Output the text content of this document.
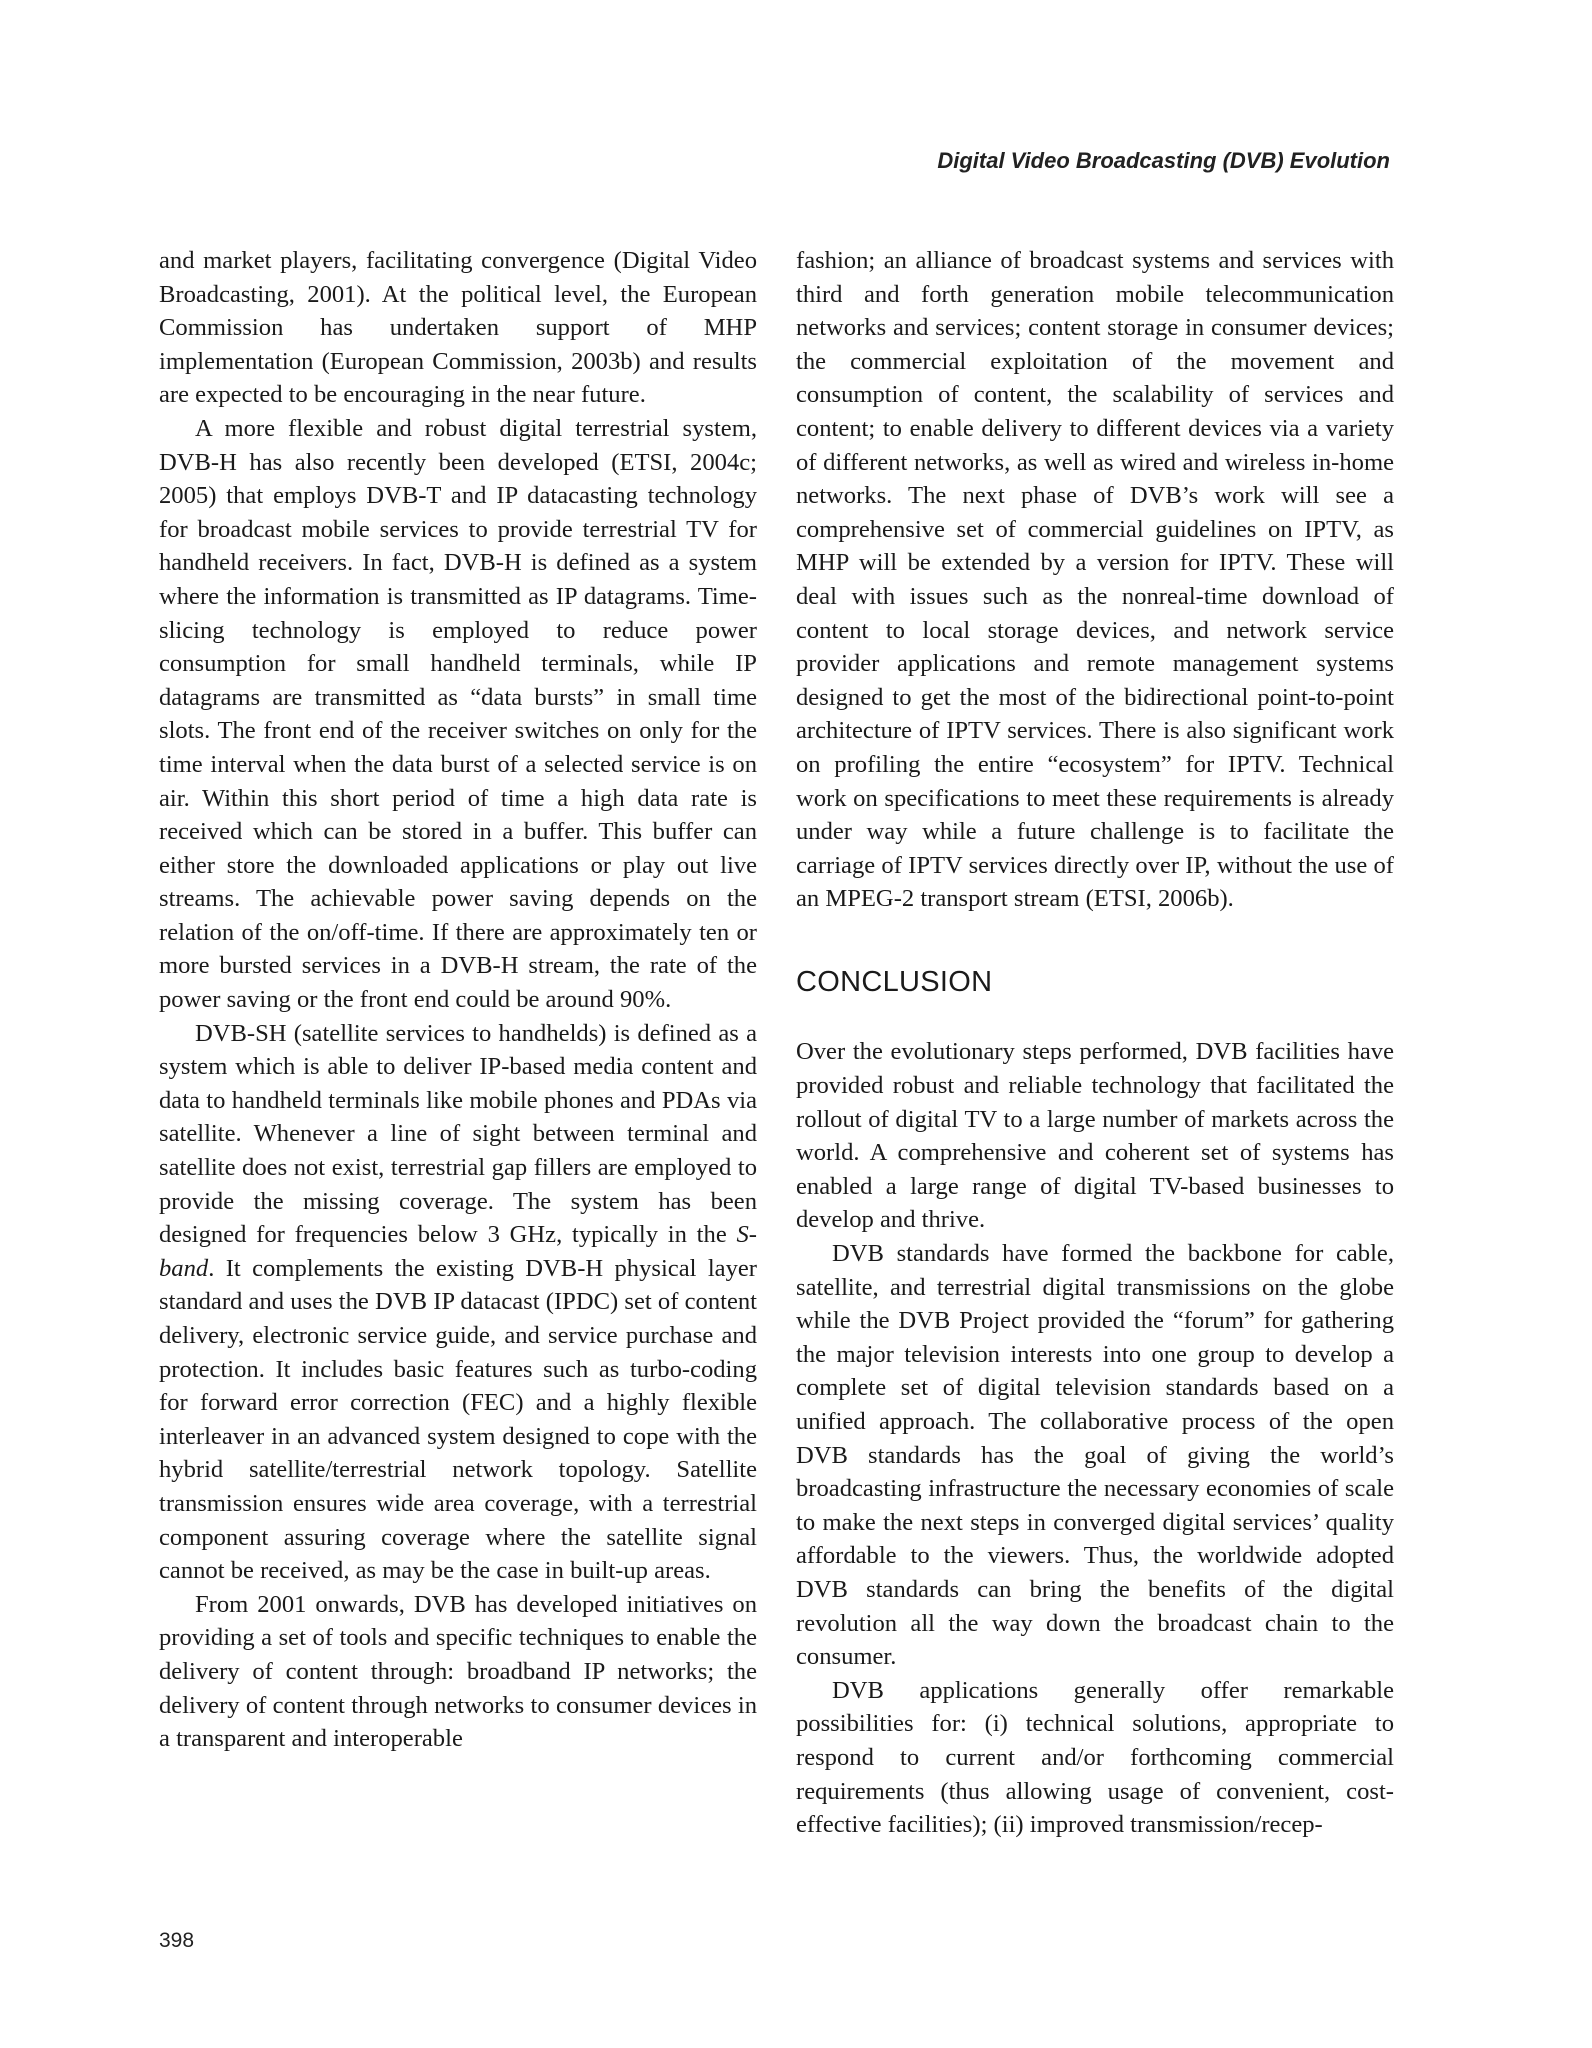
Digital Video Broadcasting (DVB) Evolution

and market players, facilitating convergence (Digital Video Broadcasting, 2001). At the political level, the European Commission has undertaken support of MHP implementation (European Commission, 2003b) and results are expected to be encouraging in the near future.

A more flexible and robust digital terrestrial system, DVB-H has also recently been developed (ETSI, 2004c; 2005) that employs DVB-T and IP datacasting technology for broadcast mobile services to provide terrestrial TV for handheld receivers. In fact, DVB-H is defined as a system where the information is transmitted as IP datagrams. Time-slicing technology is employed to reduce power consumption for small handheld terminals, while IP datagrams are transmitted as “data bursts” in small time slots. The front end of the receiver switches on only for the time interval when the data burst of a selected service is on air. Within this short period of time a high data rate is received which can be stored in a buffer. This buffer can either store the downloaded applications or play out live streams. The achievable power saving depends on the relation of the on/off-time. If there are approximately ten or more bursted services in a DVB-H stream, the rate of the power saving or the front end could be around 90%.

DVB-SH (satellite services to handhelds) is defined as a system which is able to deliver IP-based media content and data to handheld terminals like mobile phones and PDAs via satellite. Whenever a line of sight between terminal and satellite does not exist, terrestrial gap fillers are employed to provide the missing coverage. The system has been designed for frequencies below 3 GHz, typically in the S-band. It complements the existing DVB-H physical layer standard and uses the DVB IP datacast (IPDC) set of content delivery, electronic service guide, and service purchase and protection. It includes basic features such as turbo-coding for forward error correction (FEC) and a highly flexible interleaver in an advanced system designed to cope with the hybrid satellite/terrestrial network topology. Satellite transmission ensures wide area coverage, with a terrestrial component assuring coverage where the satellite signal cannot be received, as may be the case in built-up areas.

From 2001 onwards, DVB has developed initiatives on providing a set of tools and specific techniques to enable the delivery of content through: broadband IP networks; the delivery of content through networks to consumer devices in a transparent and interoperable

fashion; an alliance of broadcast systems and services with third and forth generation mobile telecommunication networks and services; content storage in consumer devices; the commercial exploitation of the movement and consumption of content, the scalability of services and content; to enable delivery to different devices via a variety of different networks, as well as wired and wireless in-home networks. The next phase of DVB’s work will see a comprehensive set of commercial guidelines on IPTV, as MHP will be extended by a version for IPTV. These will deal with issues such as the nonreal-time download of content to local storage devices, and network service provider applications and remote management systems designed to get the most of the bidirectional point-to-point architecture of IPTV services. There is also significant work on profiling the entire “ecosystem” for IPTV. Technical work on specifications to meet these requirements is already under way while a future challenge is to facilitate the carriage of IPTV services directly over IP, without the use of an MPEG-2 transport stream (ETSI, 2006b).

CONCLUSION

Over the evolutionary steps performed, DVB facilities have provided robust and reliable technology that facilitated the rollout of digital TV to a large number of markets across the world. A comprehensive and coherent set of systems has enabled a large range of digital TV-based businesses to develop and thrive.

DVB standards have formed the backbone for cable, satellite, and terrestrial digital transmissions on the globe while the DVB Project provided the “forum” for gathering the major television interests into one group to develop a complete set of digital television standards based on a unified approach. The collaborative process of the open DVB standards has the goal of giving the world’s broadcasting infrastructure the necessary economies of scale to make the next steps in converged digital services’ quality affordable to the viewers. Thus, the worldwide adopted DVB standards can bring the benefits of the digital revolution all the way down the broadcast chain to the consumer.

DVB applications generally offer remarkable possibilities for: (i) technical solutions, appropriate to respond to current and/or forthcoming commercial requirements (thus allowing usage of convenient, cost-effective facilities); (ii) improved transmission/recep-

398
